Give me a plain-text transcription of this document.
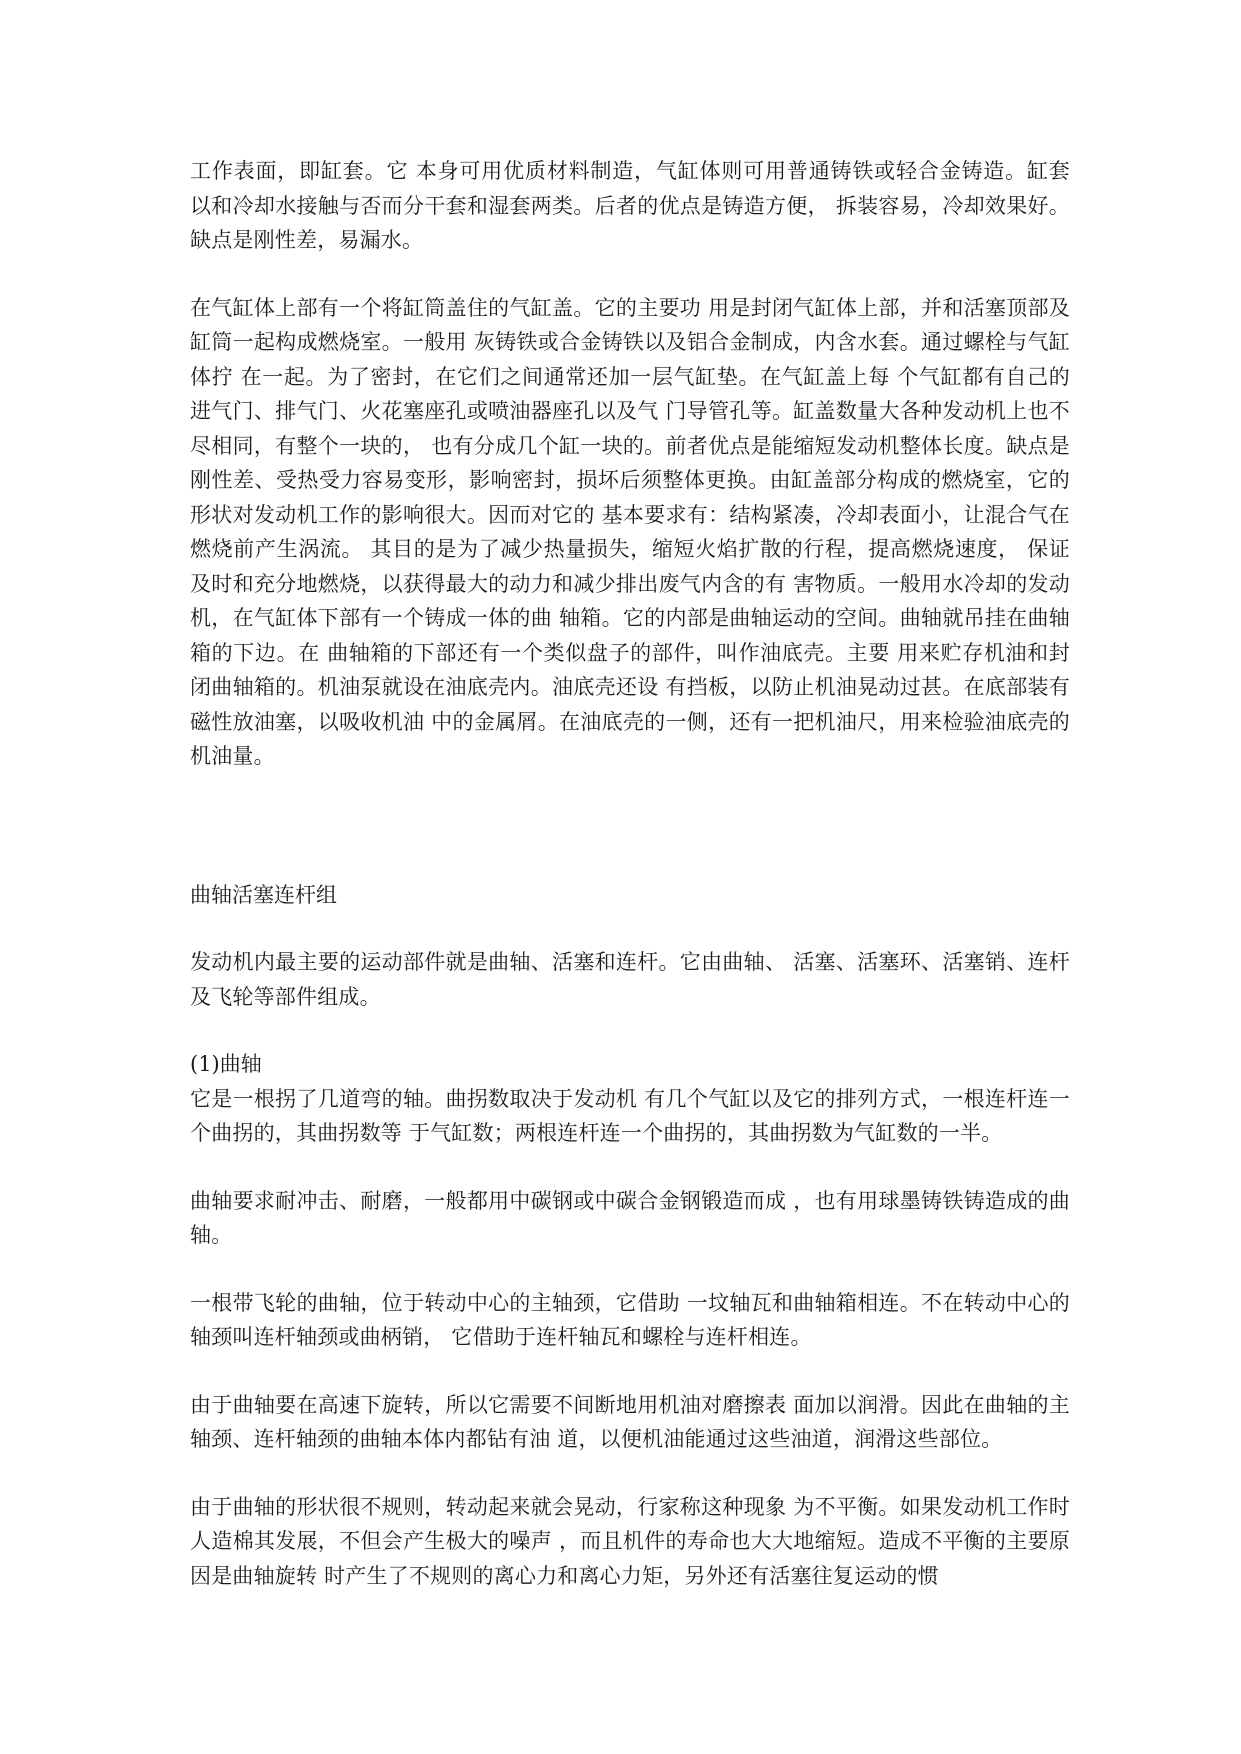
工作表面，即缸套。它 本身可用优质材料制造，气缸体则可用普通铸铁或轻合金铸造。缸套 以和冷却水接触与否而分干套和湿套两类。后者的优点是铸造方便， 拆装容易，冷却效果好。缺点是刚性差，易漏水。

在气缸体上部有一个将缸筒盖住的气缸盖。它的主要功 用是封闭气缸体上部，并和活塞顶部及缸筒一起构成燃烧室。一般用 灰铸铁或合金铸铁以及铝合金制成，内含水套。通过螺栓与气缸体拧 在一起。为了密封，在它们之间通常还加一层气缸垫。在气缸盖上每 个气缸都有自己的进气门、排气门、火花塞座孔或喷油器座孔以及气 门导管孔等。缸盖数量大各种发动机上也不尽相同，有整个一块的， 也有分成几个缸一块的。前者优点是能缩短发动机整体长度。缺点是 刚性差、受热受力容易变形，影响密封，损坏后须整体更换。由缸盖部分构成的燃烧室，它的形状对发动机工作的影响很大。因而对它的 基本要求有：结构紧凑，冷却表面小，让混合气在燃烧前产生涡流。 其目的是为了减少热量损失，缩短火焰扩散的行程，提高燃烧速度， 保证及时和充分地燃烧，以获得最大的动力和减少排出废气内含的有 害物质。一般用水冷却的发动机，在气缸体下部有一个铸成一体的曲 轴箱。它的内部是曲轴运动的空间。曲轴就吊挂在曲轴箱的下边。在 曲轴箱的下部还有一个类似盘子的部件，叫作油底壳。主要 用来贮存机油和封闭曲轴箱的。机油泵就设在油底壳内。油底壳还设 有挡板，以防止机油晃动过甚。在底部装有磁性放油塞，以吸收机油 中的金属屑。在油底壳的一侧，还有一把机油尺，用来检验油底壳的 机油量。

曲轴活塞连杆组

发动机内最主要的运动部件就是曲轴、活塞和连杆。它由曲轴、 活塞、活塞环、活塞销、连杆及飞轮等部件组成。

(1)曲轴

它是一根拐了几道弯的轴。曲拐数取决于发动机 有几个气缸以及它的排列方式，一根连杆连一个曲拐的，其曲拐数等 于气缸数；两根连杆连一个曲拐的，其曲拐数为气缸数的一半。

曲轴要求耐冲击、耐磨，一般都用中碳钢或中碳合金钢锻造而成 ，也有用球墨铸铁铸造成的曲轴。

一根带飞轮的曲轴，位于转动中心的主轴颈，它借助 一坟轴瓦和曲轴箱相连。不在转动中心的轴颈叫连杆轴颈或曲柄销， 它借助于连杆轴瓦和螺栓与连杆相连。

由于曲轴要在高速下旋转，所以它需要不间断地用机油对磨擦表 面加以润滑。因此在曲轴的主轴颈、连杆轴颈的曲轴本体内都钻有油 道，以便机油能通过这些油道，润滑这些部位。

由于曲轴的形状很不规则，转动起来就会晃动，行家称这种现象 为不平衡。如果发动机工作时人造棉其发展，不但会产生极大的噪声 ，而且机件的寿命也大大地缩短。造成不平衡的主要原因是曲轴旋转 时产生了不规则的离心力和离心力矩，另外还有活塞往复运动的惯
